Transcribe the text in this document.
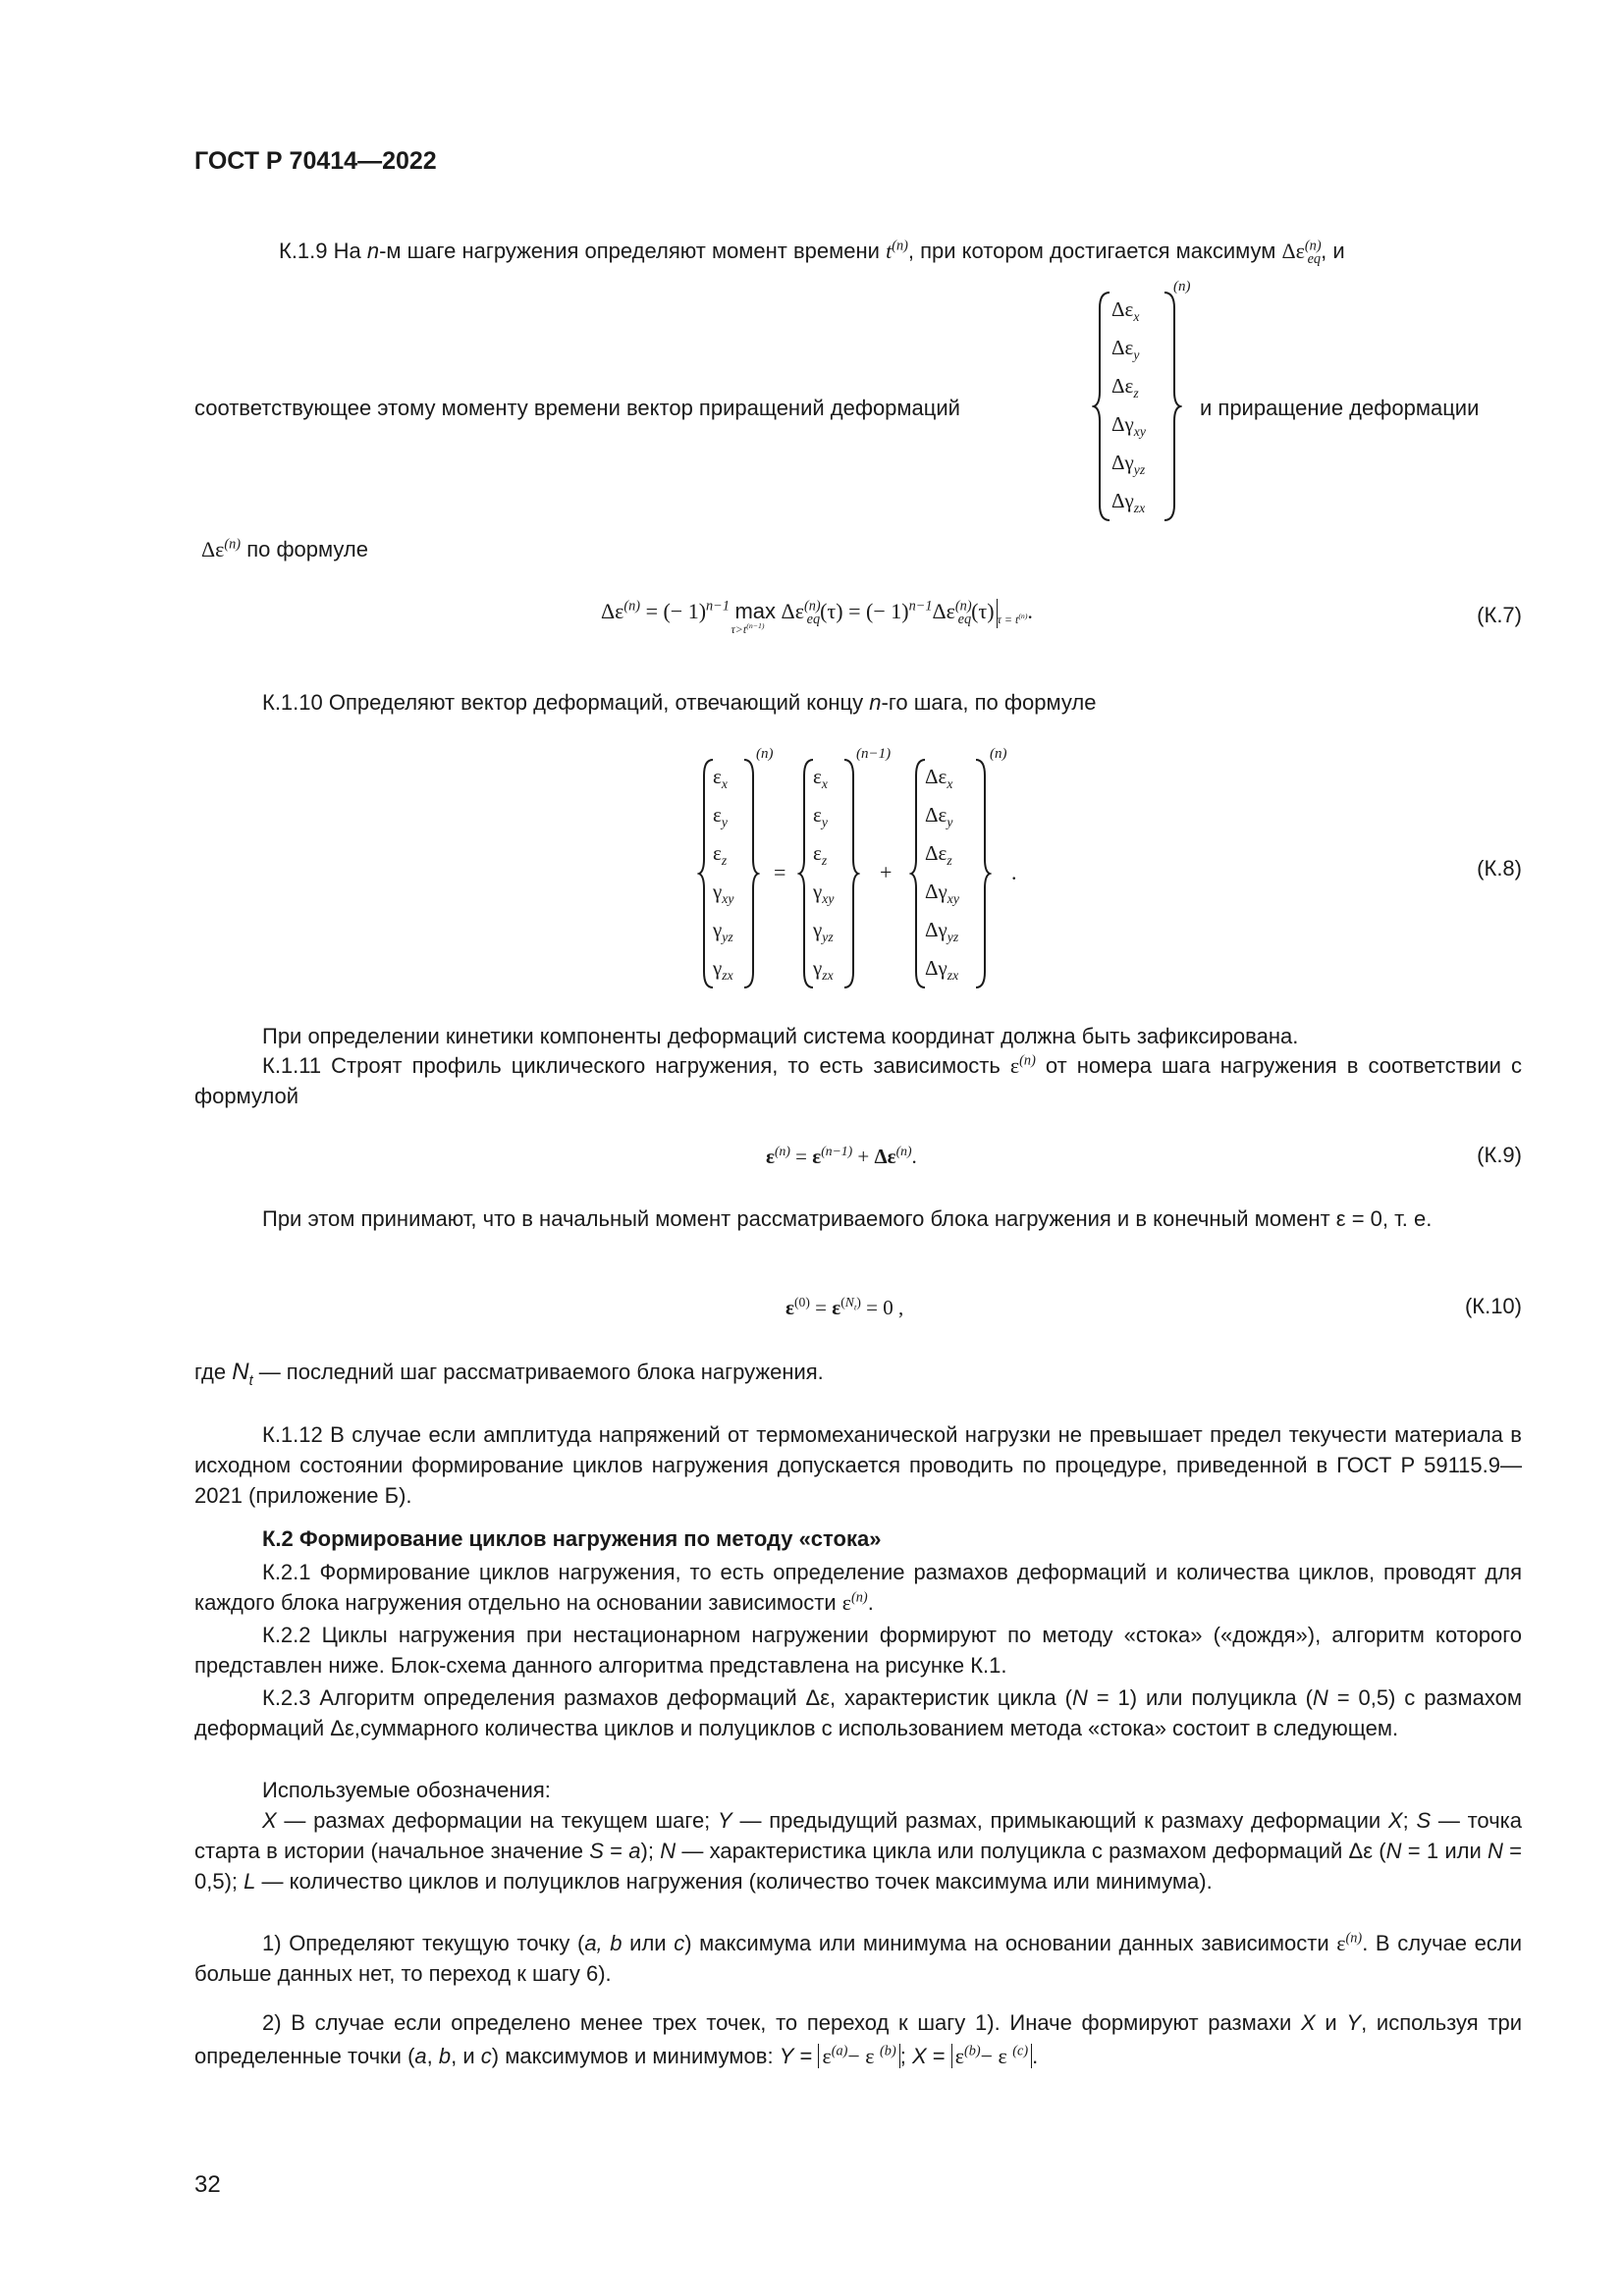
ГОСТ Р 70414—2022
К.1.9 На n-м шаге нагружения определяют момент времени $t^{(n)}$, при котором достигается максимум $\Delta\varepsilon^{(n)}_{eq}$, и
$\Delta\varepsilon_x$
$\Delta\varepsilon_y$
$\Delta\varepsilon_z$
$\Delta\gamma_{xy}$
$\Delta\gamma_{yz}$
$\Delta\gamma_{zx}$
(n)
соответствующее этому моменту времени вектор приращений деформаций	и приращение деформации
$\Delta\varepsilon^{(n)}$ по формуле
$\Delta\varepsilon^{(n)}$ = (− 1)$^{n-1}$ max
$\tau>t^{(n-1)}$
$\Delta\varepsilon^{(n)}_{eq}(\tau)$ = (− $1)^{n-1}\Delta\varepsilon^{(n)}_{eq}(\tau)$ $_{\tau = t^{(n)}}$.	(К.7)
К.1.10 Определяют вектор деформаций, отвечающий концу n-го шага, по формуле
$\varepsilon_x$
$\varepsilon_y$
$\varepsilon_z$
$\gamma_{xy}$
$\gamma_{yz}$
$\gamma_{zx}$
(n)
=
$\varepsilon_x$
$\varepsilon_y$
$\varepsilon_z$
$\gamma_{xy}$
$\gamma_{yz}$
$\gamma_{zx}$
(n−1)
+
$\Delta\varepsilon_x$
$\Delta\varepsilon_y$
$\Delta\varepsilon_z$
$\Delta\gamma_{xy}$
$\Delta\gamma_{yz}$
$\Delta\gamma_{zx}$
(n)
.	(К.8)
При определении кинетики компоненты деформаций система координат должна быть зафиксирована.
К.1.11 Строят профиль циклического нагружения, то есть зависимость $\varepsilon^{(n)}$ от номера шага нагружения в соответствии с формулой
$\varepsilon^{(n)} = \varepsilon^{(n-1)} + \Delta\varepsilon^{(n)}$.	(К.9)
При этом принимают, что в начальный момент рассматриваемого блока нагружения и в конечный момент ε = 0, т. е.
$\varepsilon^{(0)} = \varepsilon^{(N_t)} = 0$ ,	(К.10)
где $N_t$ — последний шаг рассматриваемого блока нагружения.
К.1.12 В случае если амплитуда напряжений от термомеханической нагрузки не превышает предел текучести материала в исходном состоянии формирование циклов нагружения допускается проводить по процедуре, приведенной в ГОСТ Р 59115.9—2021 (приложение Б).
К.2 Формирование циклов нагружения по методу «стока»
К.2.1 Формирование циклов нагружения, то есть определение размахов деформаций и количества циклов, проводят для каждого блока нагружения отдельно на основании зависимости $\varepsilon^{(n)}$.
К.2.2 Циклы нагружения при нестационарном нагружении формируют по методу «стока» («дождя»), алгоритм которого представлен ниже. Блок-схема данного алгоритма представлена на рисунке К.1.
К.2.3 Алгоритм определения размахов деформаций Δε, характеристик цикла (N = 1) или полуцикла (N = 0,5) с размахом деформаций Δε,суммарного количества циклов и полуциклов с использованием метода «стока» состоит в следующем.
Используемые обозначения:
X — размах деформации на текущем шаге; Y — предыдущий размах, примыкающий к размаху деформации X; S — точка старта в истории (начальное значение S = a); N — характеристика цикла или полуцикла с размахом деформаций Δε (N = 1 или N = 0,5); L — количество циклов и полуциклов нагружения (количество точек максимума или минимума).
1) Определяют текущую точку (a, b или c) максимума или минимума на основании данных зависимости $\varepsilon^{(n)}$. В случае если больше данных нет, то переход к шагу 6).
2) В случае если определено менее трех точек, то переход к шагу 1). Иначе формируют размахи X и Y, используя три определенные точки (a, b, и c) максимумов и минимумов: $Y = \varepsilon^{(a)}- \varepsilon$ $^{(b)}$ ; $X = \varepsilon^{(b)}- \varepsilon$ $^{(c)}$ .
32
